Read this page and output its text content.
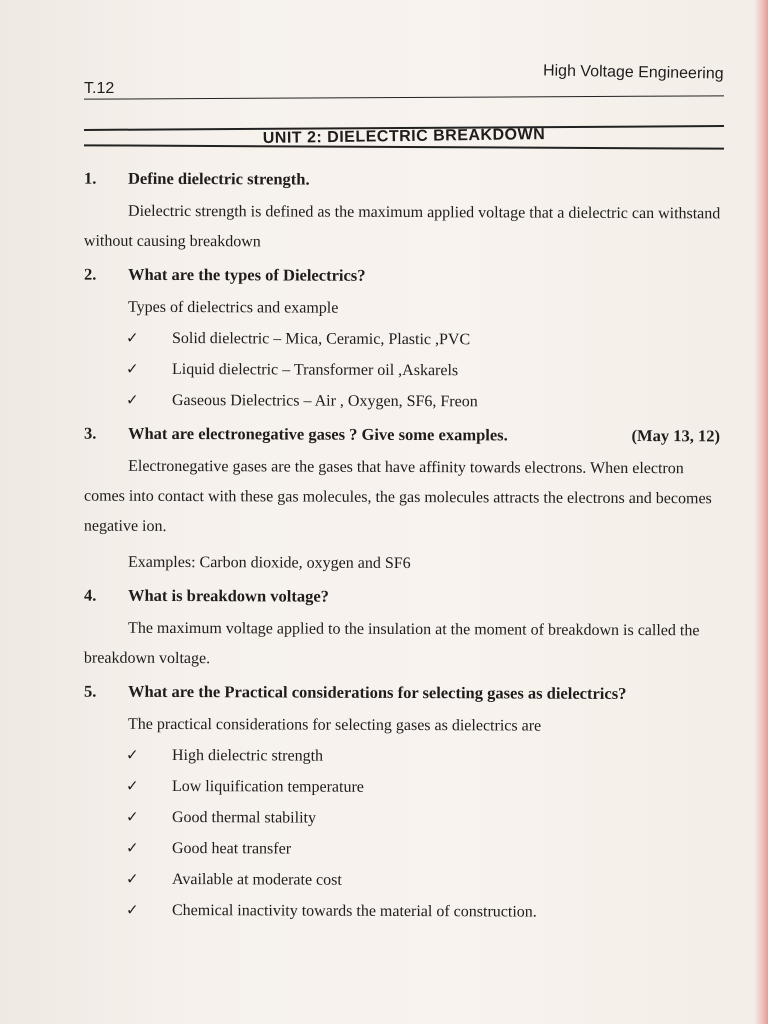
T.12
High Voltage Engineering
UNIT 2: DIELECTRIC BREAKDOWN

1. Define dielectric strength.

Dielectric strength is defined as the maximum applied voltage that a dielectric can withstand without causing breakdown

2. What are the types of Dielectrics?

Types of dielectrics and example

✓ Solid dielectric – Mica, Ceramic, Plastic ,PVC
✓ Liquid dielectric – Transformer oil ,Askarels
✓ Gaseous Dielectrics – Air , Oxygen, SF6, Freon

3. What are electronegative gases ? Give some examples.	(May 13, 12)

Electronegative gases are the gases that have affinity towards electrons. When electron comes into contact with these gas molecules, the gas molecules attracts the electrons and becomes negative ion.

Examples: Carbon dioxide, oxygen and SF6

4. What is breakdown voltage?

The maximum voltage applied to the insulation at the moment of breakdown is called the breakdown voltage.

5. What are the Practical considerations for selecting gases as dielectrics?

The practical considerations for selecting gases as dielectrics are

✓ High dielectric strength
✓ Low liquification temperature
✓ Good thermal stability
✓ Good heat transfer
✓ Available at moderate cost
✓ Chemical inactivity towards the material of construction.
